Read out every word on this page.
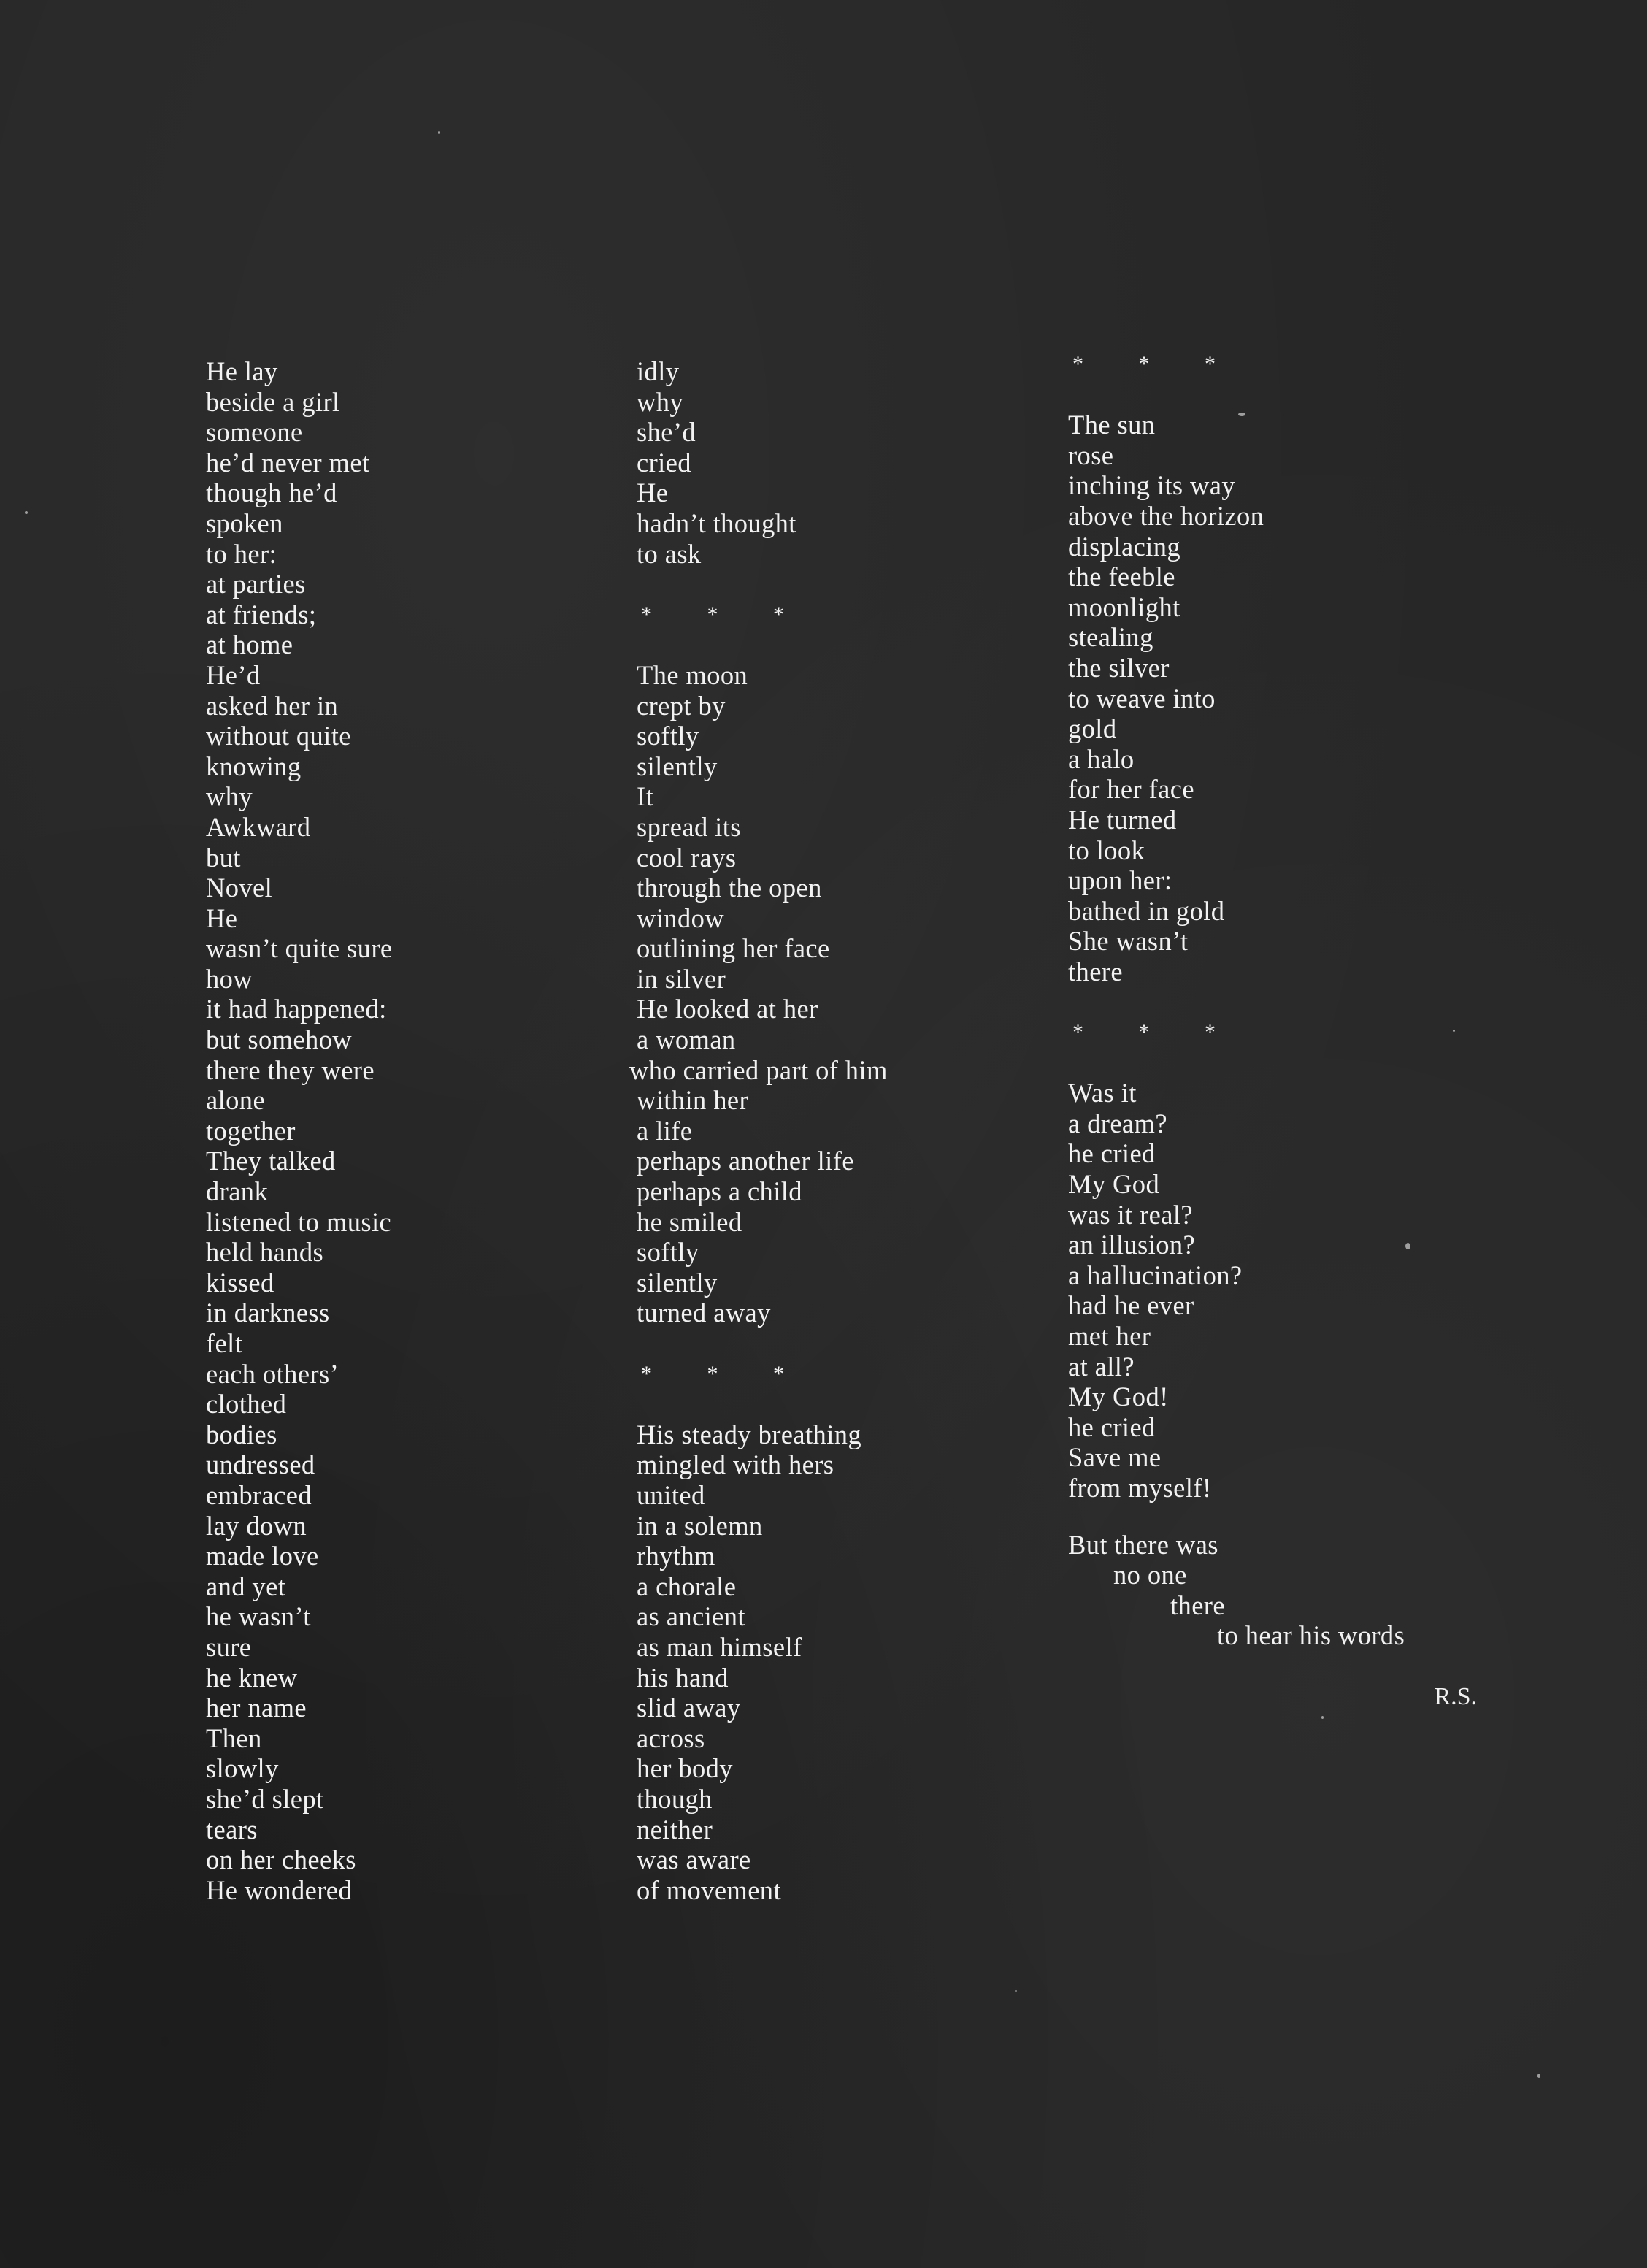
He lay
beside a girl
someone
he’d never met
though he’d
spoken
to her:
at parties
at friends;
at home
He’d
asked her in
without quite
knowing
why
Awkward
but
Novel
He
wasn’t quite sure
how
it had happened:
but somehow
there they were
alone
together
They talked
drank
listened to music
held hands
kissed
in darkness
felt
each others’
clothed
bodies
undressed
embraced
lay down
made love
and yet
he wasn’t
sure
he knew
her name
Then
slowly
she’d slept
tears
on her cheeks
He wondered
idly
why
she’d
cried
He
hadn’t thought
to ask
* * *
The moon
crept by
softly
silently
It
spread its
cool rays
through the open
window
outlining her face
in silver
He looked at her
a woman
who carried part of him
within her
a life
perhaps another life
perhaps a child
he smiled
softly
silently
turned away
* * *
His steady breathing
mingled with hers
united
in a solemn
rhythm
a chorale
as ancient
as man himself
his hand
slid away
across
her body
though
neither
was aware
of movement
* * *
The sun
rose
inching its way
above the horizon
displacing
the feeble
moonlight
stealing
the silver
to weave into
gold
a halo
for her face
He turned
to look
upon her:
bathed in gold
She wasn’t
there
* * *
Was it
a dream?
he cried
My God
was it real?
an illusion?
a hallucination?
had he ever
met her
at all?
My God!
he cried
Save me
from myself!
But there was
no one
there
to hear his words
R.S.
